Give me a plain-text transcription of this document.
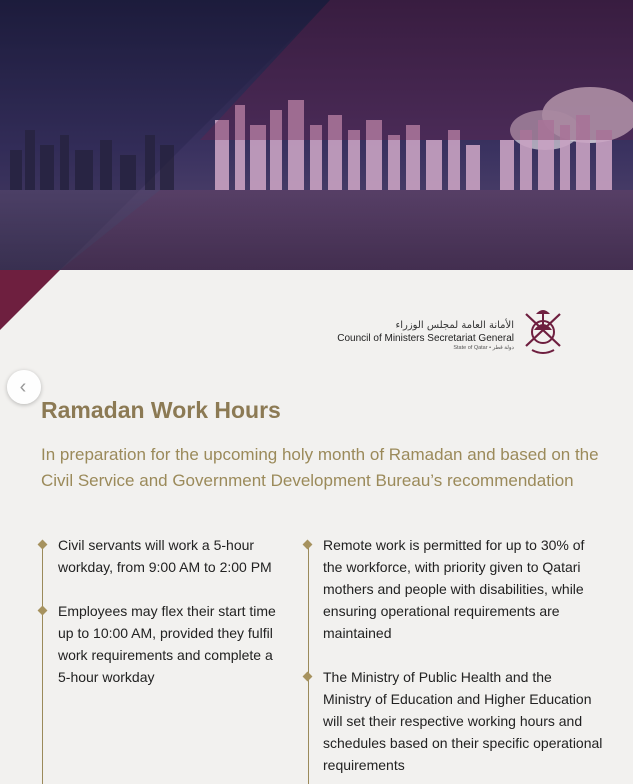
‹
الأمانة العامة لمجلس الوزراء
Council of Ministers Secretariat General
State of Qatar • دولة قطر
Ramadan Work Hours

In preparation for the upcoming holy month of Ramadan and based on the Civil Service and Government Development Bureau’s recommendation

Civil servants will work a 5-hour workday, from 9:00 AM to 2:00 PM
Employees may flex their start time up to 10:00 AM, provided they fulfil work requirements and complete a 5-hour workday
Remote work is permitted for up to 30% of the workforce, with priority given to Qatari mothers and people with disabilities, while ensuring operational requirements are maintained
The Ministry of Public Health and the Ministry of Education and Higher Education will set their respective working hours and schedules based on their specific operational requirements
